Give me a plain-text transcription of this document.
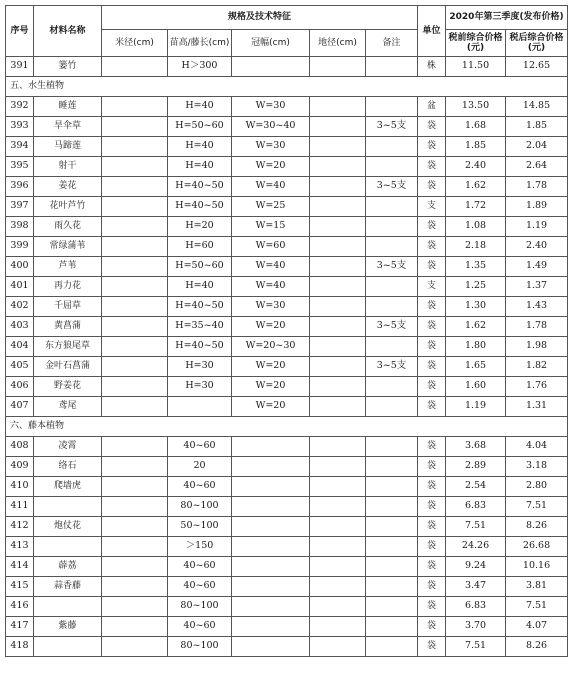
序号	材料名称	规格及技术特征					单位	2020年第三季度(发布价格)	
		米径(cm)	苗高/藤长(cm)	冠幅(cm)	地径(cm)	备注		税前综合价格(元)	税后综合价格(元)
391	篓竹		H＞300				株	11.50	12.65
五、水生植物									
392	睡莲		H=40	W=30			盆	13.50	14.85
393	旱伞草		H=50~60	W=30~40		3~5支	袋	1.68	1.85
394	马蹄莲		H=40	W=30			袋	1.85	2.04
395	射干		H=40	W=20			袋	2.40	2.64
396	姜花		H=40~50	W=40		3~5支	袋	1.62	1.78
397	花叶芦竹		H=40~50	W=25			支	1.72	1.89
398	雨久花		H=20	W=15			袋	1.08	1.19
399	常绿蒲苇		H=60	W=60			袋	2.18	2.40
400	芦苇		H=50~60	W=40		3~5支	袋	1.35	1.49
401	再力花		H=40	W=40			支	1.25	1.37
402	千屈草		H=40~50	W=30			袋	1.30	1.43
403	黄菖蒲		H=35~40	W=20		3~5支	袋	1.62	1.78
404	东方狼尾草		H=40~50	W=20~30			袋	1.80	1.98
405	金叶石菖蒲		H=30	W=20		3~5支	袋	1.65	1.82
406	野姜花		H=30	W=20			袋	1.60	1.76
407	鸢尾			W=20			袋	1.19	1.31
六、藤本植物									
408	凌霄		40~60				袋	3.68	4.04
409	络石		20				袋	2.89	3.18
410	爬墙虎		40~60				袋	2.54	2.80
411			80~100				袋	6.83	7.51
412	炮仗花		50~100				袋	7.51	8.26
413			＞150				袋	24.26	26.68
414	薜荔		40~60				袋	9.24	10.16
415	蒜香藤		40~60				袋	3.47	3.81
416			80~100				袋	6.83	7.51
417	紫藤		40~60				袋	3.70	4.07
418			80~100				袋	7.51	8.26
